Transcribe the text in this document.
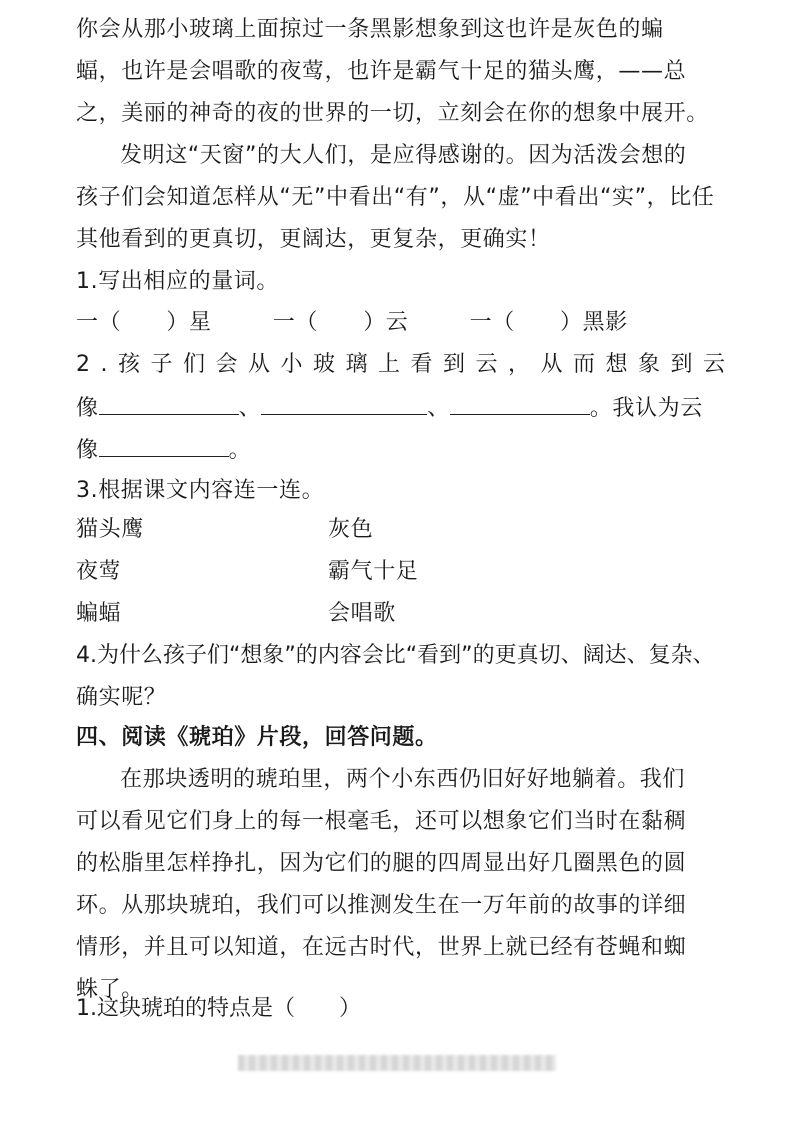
你会从那小玻璃上面掠过一条黑影想象到这也许是灰色的蝙
蝠，也许是会唱歌的夜莺，也许是霸气十足的猫头鹰，——总
之，美丽的神奇的夜的世界的一切，立刻会在你的想象中展开。
发明这“天窗”的大人们，是应得感谢的。因为活泼会想的
孩子们会知道怎样从“无”中看出“有”，从“虚”中看出“实”，比任
其他看到的更真切，更阔达，更复杂，更确实！
1.写出相应的量词。
一（　　）星	一（　　）云	一（　　）黑影
2.孩子们会从小玻璃上看到云，从而想象到云
像	、	、	。我认为云
像	。
3.根据课文内容连一连。
猫头鹰	灰色
夜莺	霸气十足
蝙蝠	会唱歌
4.为什么孩子们“想象”的内容会比“看到”的更真切、阔达、复杂、
确实呢？
四、阅读《琥珀》片段，回答问题。
在那块透明的琥珀里，两个小东西仍旧好好地躺着。我们
可以看见它们身上的每一根毫毛，还可以想象它们当时在黏稠
的松脂里怎样挣扎，因为它们的腿的四周显出好几圈黑色的圆
环。从那块琥珀，我们可以推测发生在一万年前的故事的详细
情形，并且可以知道，在远古时代，世界上就已经有苍蝇和蜘
蛛了。
1.这块琥珀的特点是（　　）
